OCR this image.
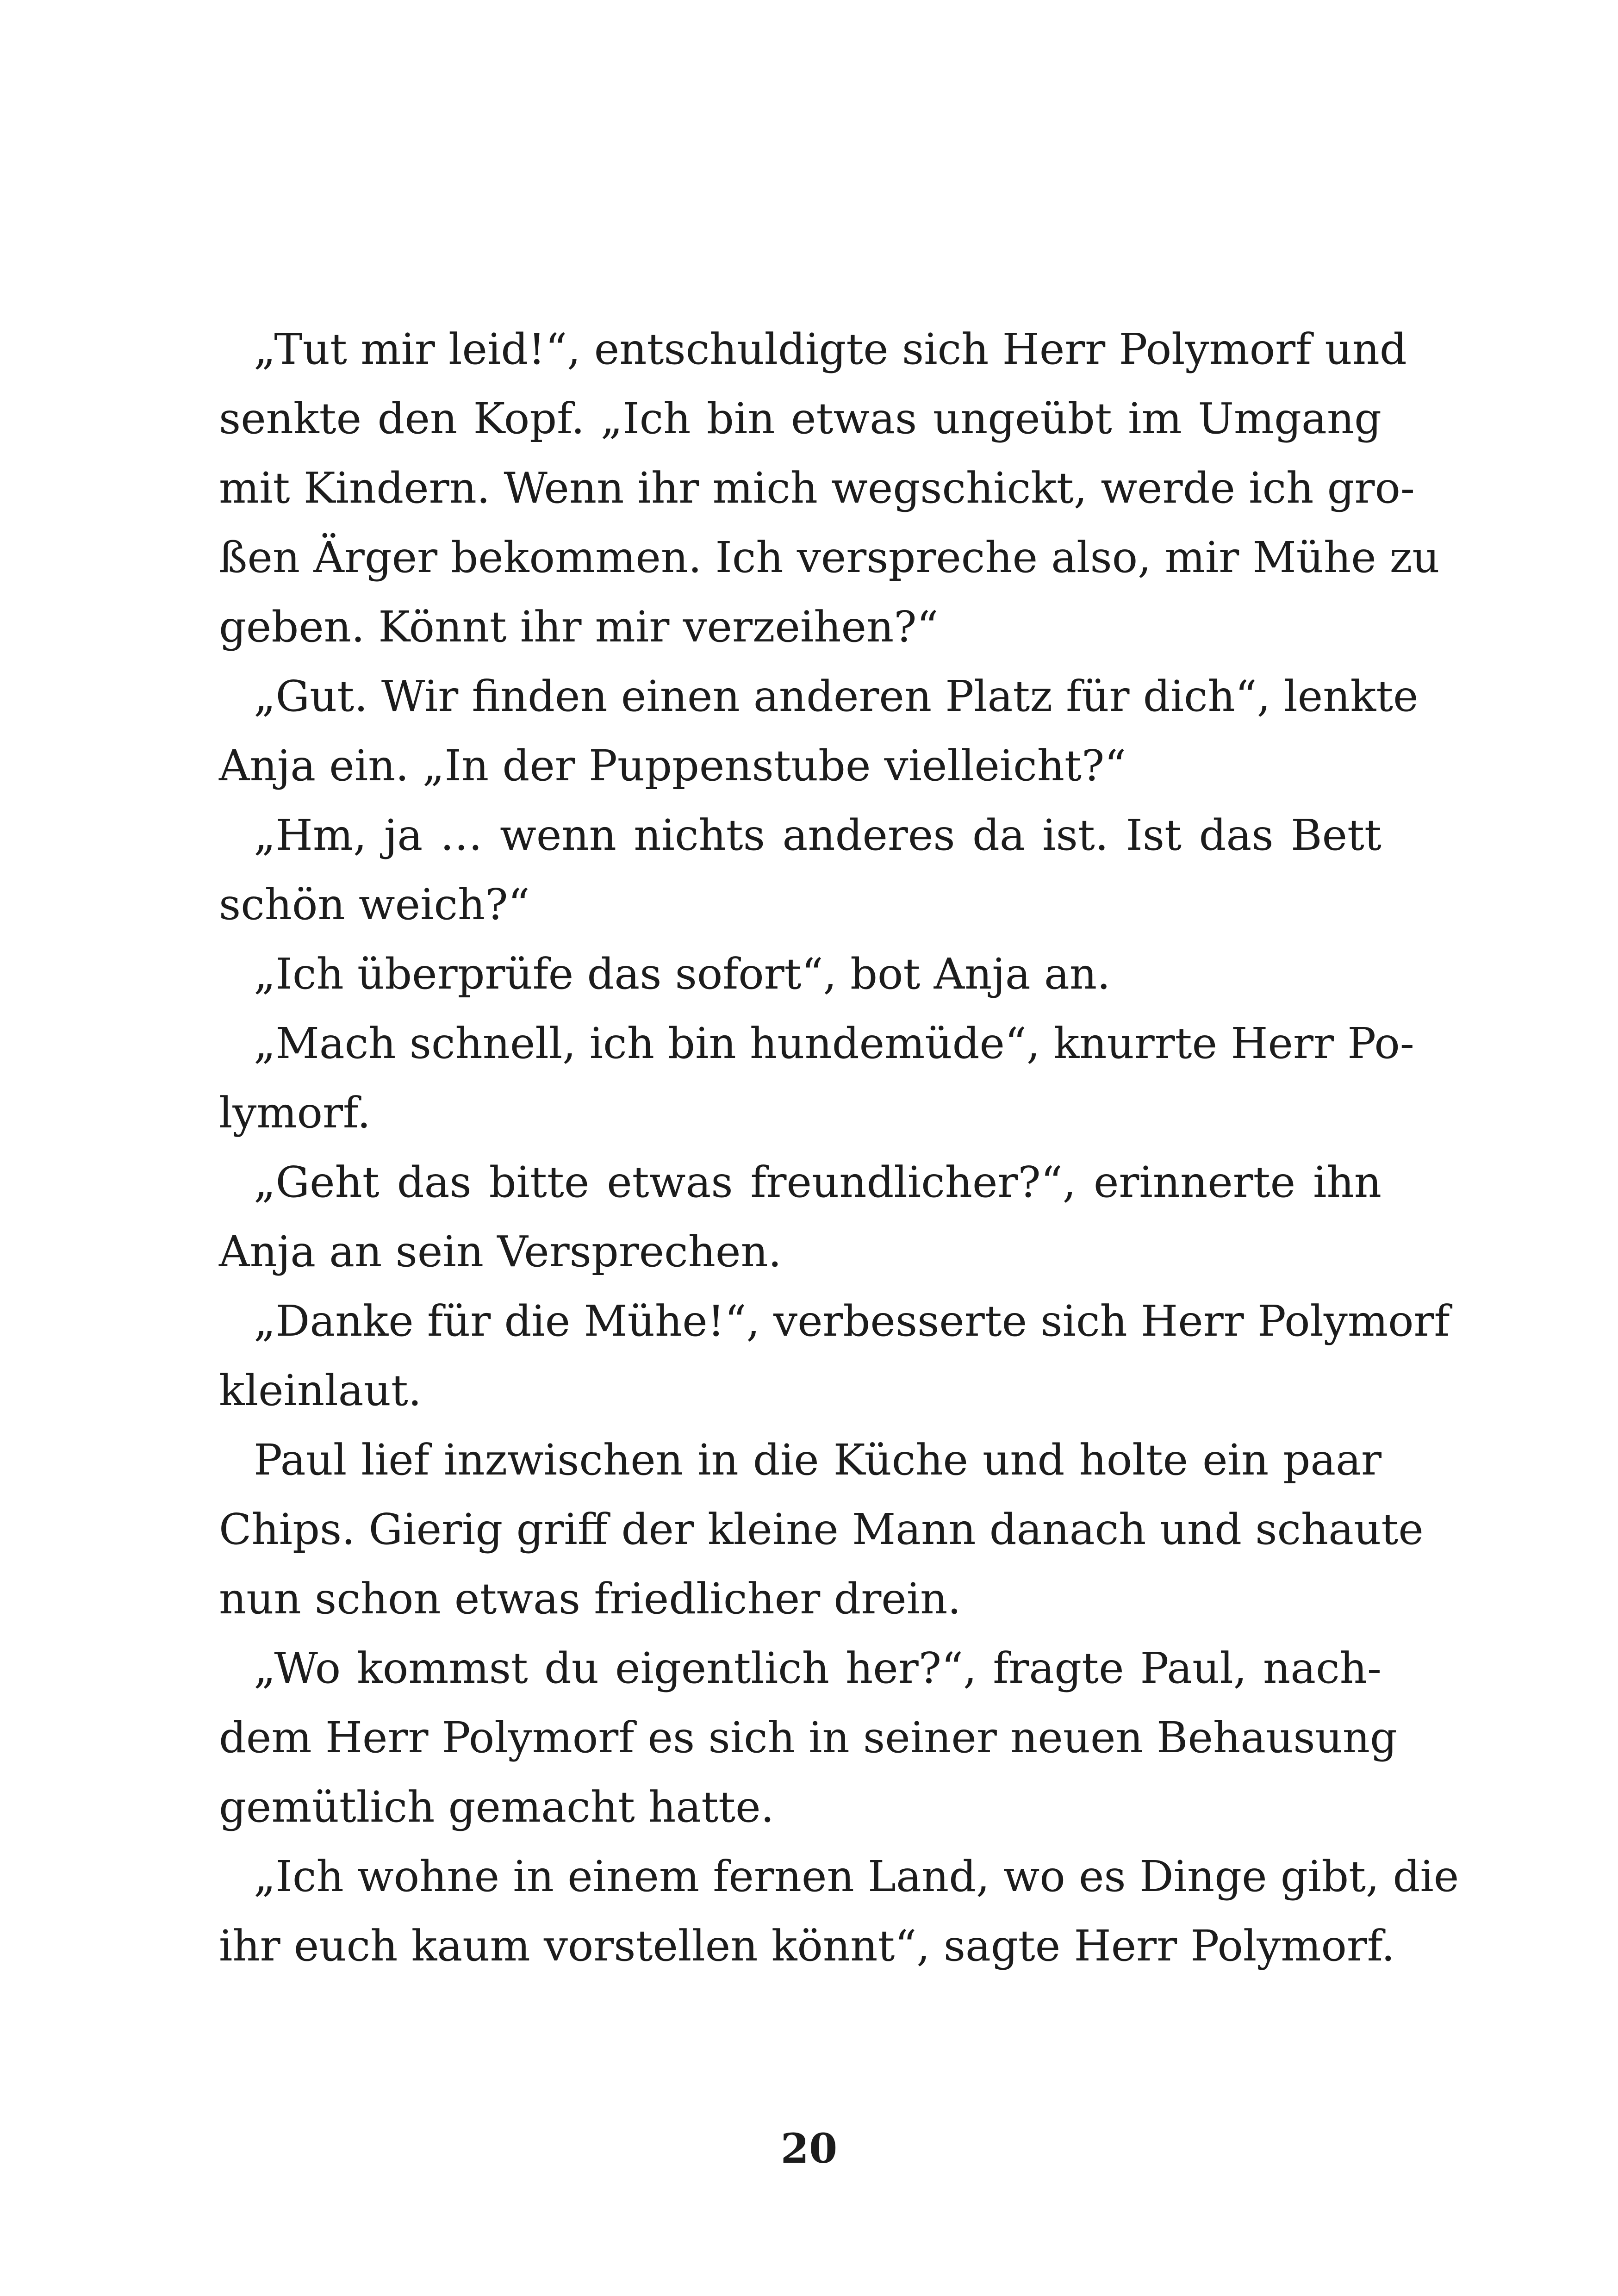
„Tut mir leid!“, entschuldigte sich Herr Polymorf und
senkte den Kopf. „Ich bin etwas ungeübt im Umgang
mit Kindern. Wenn ihr mich wegschickt, werde ich gro-
ßen Ärger bekommen. Ich verspreche also, mir Mühe zu
geben. Könnt ihr mir verzeihen?“
„Gut. Wir finden einen anderen Platz für dich“, lenkte
Anja ein. „In der Puppenstube vielleicht?“
„Hm, ja … wenn nichts anderes da ist. Ist das Bett
schön weich?“
„Ich überprüfe das sofort“, bot Anja an.
„Mach schnell, ich bin hundemüde“, knurrte Herr Po-
lymorf.
„Geht das bitte etwas freundlicher?“, erinnerte ihn
Anja an sein Versprechen.
„Danke für die Mühe!“, verbesserte sich Herr Polymorf
kleinlaut.
Paul lief inzwischen in die Küche und holte ein paar
Chips. Gierig griff der kleine Mann danach und schaute
nun schon etwas friedlicher drein.
„Wo kommst du eigentlich her?“, fragte Paul, nach-
dem Herr Polymorf es sich in seiner neuen Behausung
gemütlich gemacht hatte.
„Ich wohne in einem fernen Land, wo es Dinge gibt, die
ihr euch kaum vorstellen könnt“, sagte Herr Polymorf.
20
